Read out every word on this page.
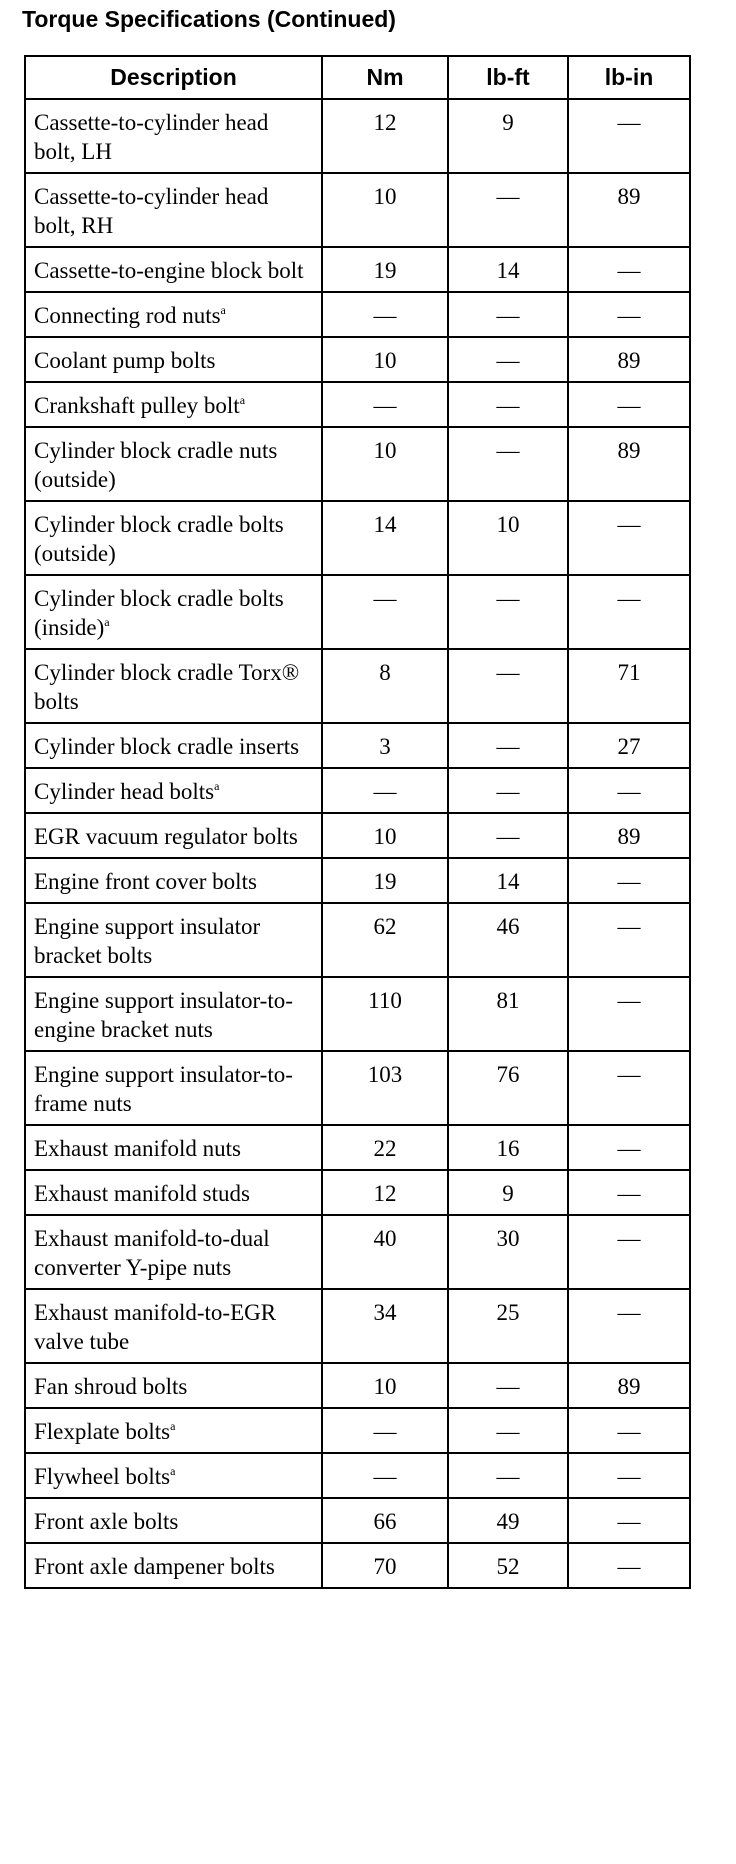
Torque Specifications (Continued)
Description	Nm	lb-ft	lb-in
Cassette-to-cylinder head bolt, LH	12	9	—
Cassette-to-cylinder head bolt, RH	10	—	89
Cassette-to-engine block bolt	19	14	—
Connecting rod nuts$^a$	—	—	—
Coolant pump bolts	10	—	89
Crankshaft pulley bolt$^a$	—	—	—
Cylinder block cradle nuts (outside)	10	—	89
Cylinder block cradle bolts (outside)	14	10	—
Cylinder block cradle bolts (inside)$^a$	—	—	—
Cylinder block cradle Torx® bolts	8	—	71
Cylinder block cradle inserts	3	—	27
Cylinder head bolts$^a$	—	—	—
EGR vacuum regulator bolts	10	—	89
Engine front cover bolts	19	14	—
Engine support insulator bracket bolts	62	46	—
Engine support insulator-to-engine bracket nuts	110	81	—
Engine support insulator-to-frame nuts	103	76	—
Exhaust manifold nuts	22	16	—
Exhaust manifold studs	12	9	—
Exhaust manifold-to-dual converter Y-pipe nuts	40	30	—
Exhaust manifold-to-EGR valve tube	34	25	—
Fan shroud bolts	10	—	89
Flexplate bolts$^a$	—	—	—
Flywheel bolts$^a$	—	—	—
Front axle bolts	66	49	—
Front axle dampener bolts	70	52	—
